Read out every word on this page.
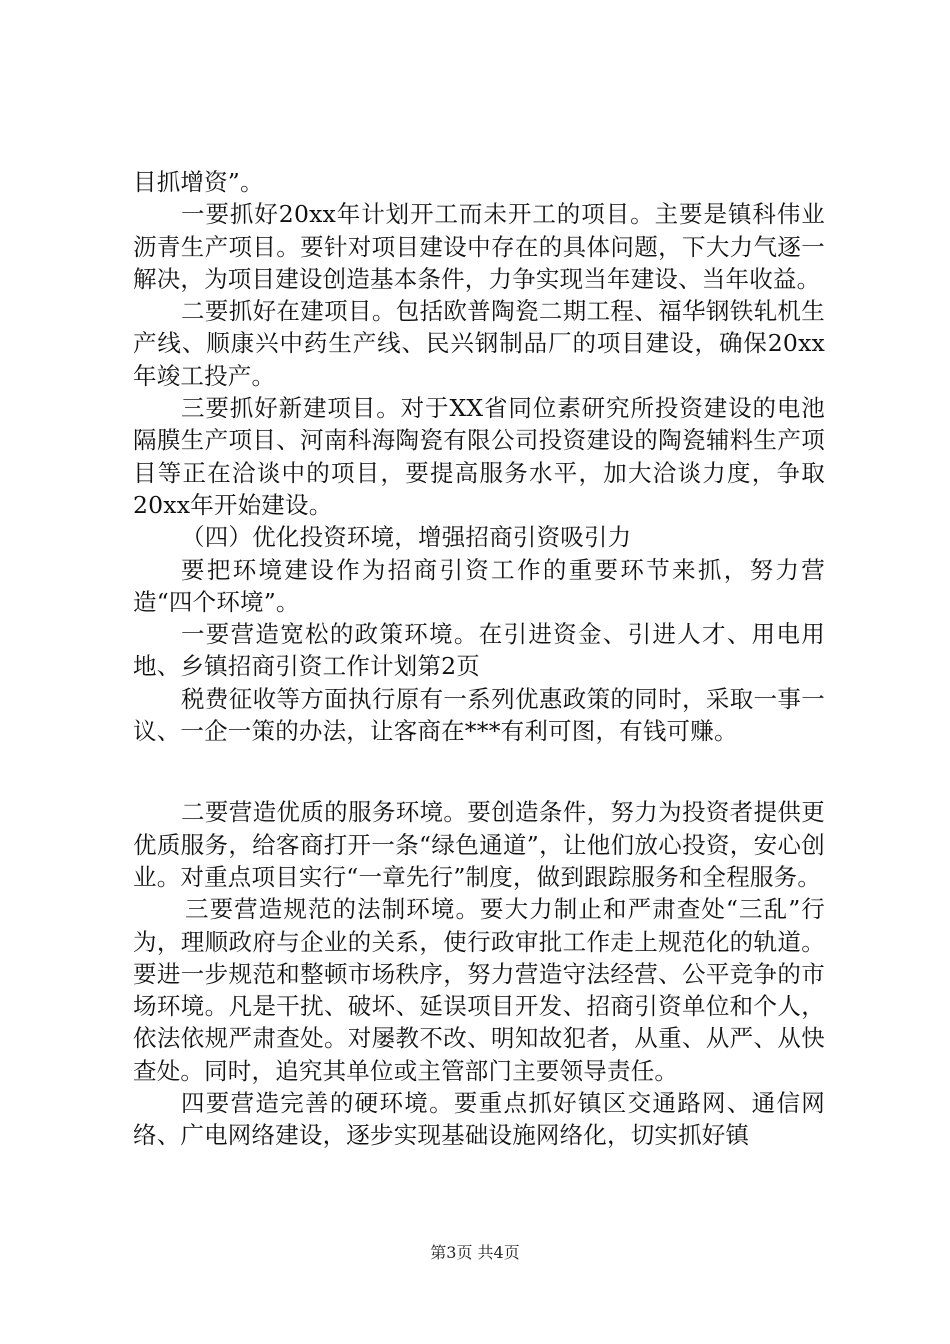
目抓增资”。

一要抓好20xx年计划开工而未开工的项目。主要是镇科伟业沥青生产项目。要针对项目建设中存在的具体问题，下大力气逐一解决，为项目建设创造基本条件，力争实现当年建设、当年收益。

二要抓好在建项目。包括欧普陶瓷二期工程、福华钢铁轧机生产线、顺康兴中药生产线、民兴钢制品厂的项目建设，确保20xx年竣工投产。

三要抓好新建项目。对于XX省同位素研究所投资建设的电池隔膜生产项目、河南科海陶瓷有限公司投资建设的陶瓷辅料生产项目等正在洽谈中的项目，要提高服务水平，加大洽谈力度，争取20xx年开始建设。

（四）优化投资环境，增强招商引资吸引力

要把环境建设作为招商引资工作的重要环节来抓，努力营造“四个环境”。

一要营造宽松的政策环境。在引进资金、引进人才、用电用地、乡镇招商引资工作计划第2页

税费征收等方面执行原有一系列优惠政策的同时，采取一事一议、一企一策的办法，让客商在***有利可图，有钱可赚。

二要营造优质的服务环境。要创造条件，努力为投资者提供更优质服务，给客商打开一条“绿色通道”，让他们放心投资，安心创业。对重点项目实行“一章先行”制度，做到跟踪服务和全程服务。

三要营造规范的法制环境。要大力制止和严肃查处“三乱”行为，理顺政府与企业的关系，使行政审批工作走上规范化的轨道。要进一步规范和整顿市场秩序，努力营造守法经营、公平竞争的市场环境。凡是干扰、破坏、延误项目开发、招商引资单位和个人，依法依规严肃查处。对屡教不改、明知故犯者，从重、从严、从快查处。同时，追究其单位或主管部门主要领导责任。

四要营造完善的硬环境。要重点抓好镇区交通路网、通信网络、广电网络建设，逐步实现基础设施网络化，切实抓好镇

第3页 共4页
